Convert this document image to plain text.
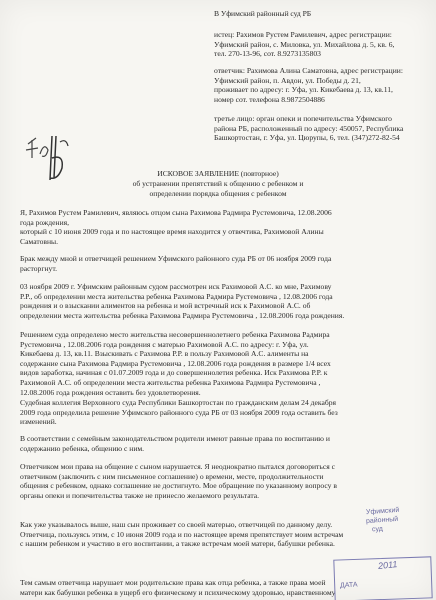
В Уфимский районный суд РБ
истец: Рахимов Рустем Рамилевич, адрес регистрации:
Уфимский район, с. Миловка, ул. Михайлова д. 5, кв. 6,
тел. 270-13-96, сот. 8.9273135803
ответчик: Рахимова Алина Саматовна, адрес регистрации:
Уфимский район, п. Авдон, ул. Победы д. 21,
проживает по адресу: г. Уфа, ул. Кикебаева д. 13, кв.11,
номер сот. телефона 8.9872504886
третье лицо: орган опеки и попечительства Уфимского
района РБ, расположенный по адресу: 450057, Республика
Башкортостан, г. Уфа, ул. Цюрупы, 6, тел. (347)272-82-54
ИСКОВОЕ ЗАЯВЛЕНИЕ (повторное)
об устранении препятствий к общению с ребенком и
определении порядка общения с ребенком
Я, Рахимов Рустем Рамилевич, являюсь отцом сына Рахимова Радмира Рустемовича, 12.08.2006
года рождения,
который с 10 июня 2009 года и по настоящее время находится у отвечтика, Рахимовой Алины
Саматовны.
Брак между мной и ответчицей решением Уфимского районного суда РБ от 06 ноября 2009 года
расторгнут.
03 ноября 2009 г. Уфимским районным судом рассмотрен иск Рахимовой А.С. ко мне, Рахимову
Р.Р., об определении места жительства ребенка Рахимова Радмира Рустемовича , 12.08.2006 года
рождения и о взыскании алиментов на ребенка и мой встречный иск к Рахимовой А.С. об
определении места жительства ребенка Рахимова Радмира Рустемовича , 12.08.2006 года рождения.
Решением суда определено место жительства несовершеннолетнего ребенка Рахимова Радмира
Рустемовича , 12.08.2006 года рождения с матерью Рахимовой А.С. по адресу: г. Уфа, ул.
Кикебаева д. 13, кв.11. Взыскивать с Рахимова Р.Р. в пользу Рахимовой А.С. алименты на
содержание сына Рахимова Радмира Рустемовича , 12.08.2006 года рождения в размере 1/4 всех
видов заработка, начиная с 01.07.2009 года и до совершеннолетия ребенка. Иск Рахимова Р.Р. к
Рахимовой А.С. об определении места жительства ребенка Рахимова Радмира Рустемовича ,
12.08.2006 года рождения оставить без удовлетворения.
Судебная коллегия Верховного суда Республики Башкортостан по гражданским делам 24 декабря
2009 года определила решение Уфимского районного суда РБ от 03 ноября 2009 года оставить без
изменений.
В соответствии с семейным законодательством родители имеют равные права по воспитанию и
содержанию ребенка, общению с ним.
Ответчиком мои права на общение с сыном нарушается. Я неоднократно пытался договориться с
ответчиком (заключить с ним письменное соглашение) о времени, месте, продолжительности
общения с ребенком, однако соглашение не достигнуто. Мое обращение по указанному вопросу в
органы опеки и попечительства также не принесло желаемого результата.
Как уже указывалось выше, наш сын проживает со своей матерью, ответчицей по данному делу.
Ответчица, пользуясь этим, с 10 июня 2009 года и по настоящее время препятствует моим встречам
с нашим ребенком и участию в его воспитании, а также встречам моей матери, бабушки ребенка.
Тем самым ответчица нарушает мои родительские права как отца ребенка, а также права моей
матери как бабушки ребенка в ущерб его физическому и психическому здоровью, нравственному
Уфимский
районный
суд
2011
ДАТА
